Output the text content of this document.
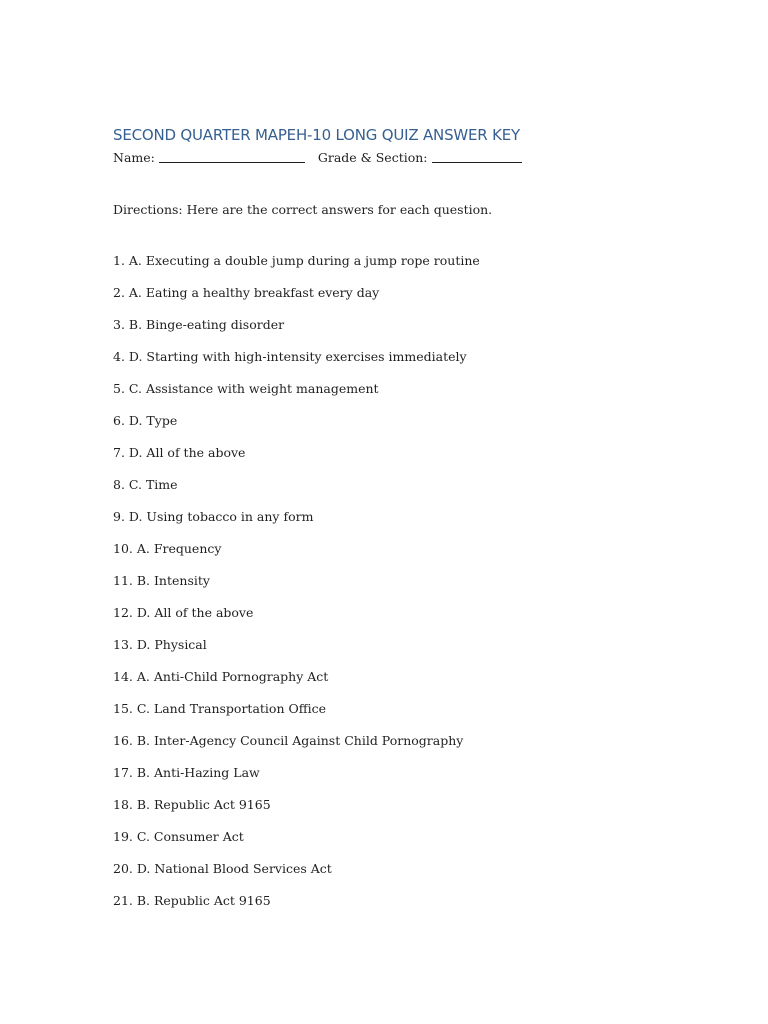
SECOND QUARTER MAPEH-10 LONG QUIZ ANSWER KEY
Name:	Grade & Section:
Directions: Here are the correct answers for each question.
1. A. Executing a double jump during a jump rope routine
2. A. Eating a healthy breakfast every day
3. B. Binge-eating disorder
4. D. Starting with high-intensity exercises immediately
5. C. Assistance with weight management
6. D. Type
7. D. All of the above
8. C. Time
9. D. Using tobacco in any form
10. A. Frequency
11. B. Intensity
12. D. All of the above
13. D. Physical
14. A. Anti-Child Pornography Act
15. C. Land Transportation Office
16. B. Inter-Agency Council Against Child Pornography
17. B. Anti-Hazing Law
18. B. Republic Act 9165
19. C. Consumer Act
20. D. National Blood Services Act
21. B. Republic Act 9165
